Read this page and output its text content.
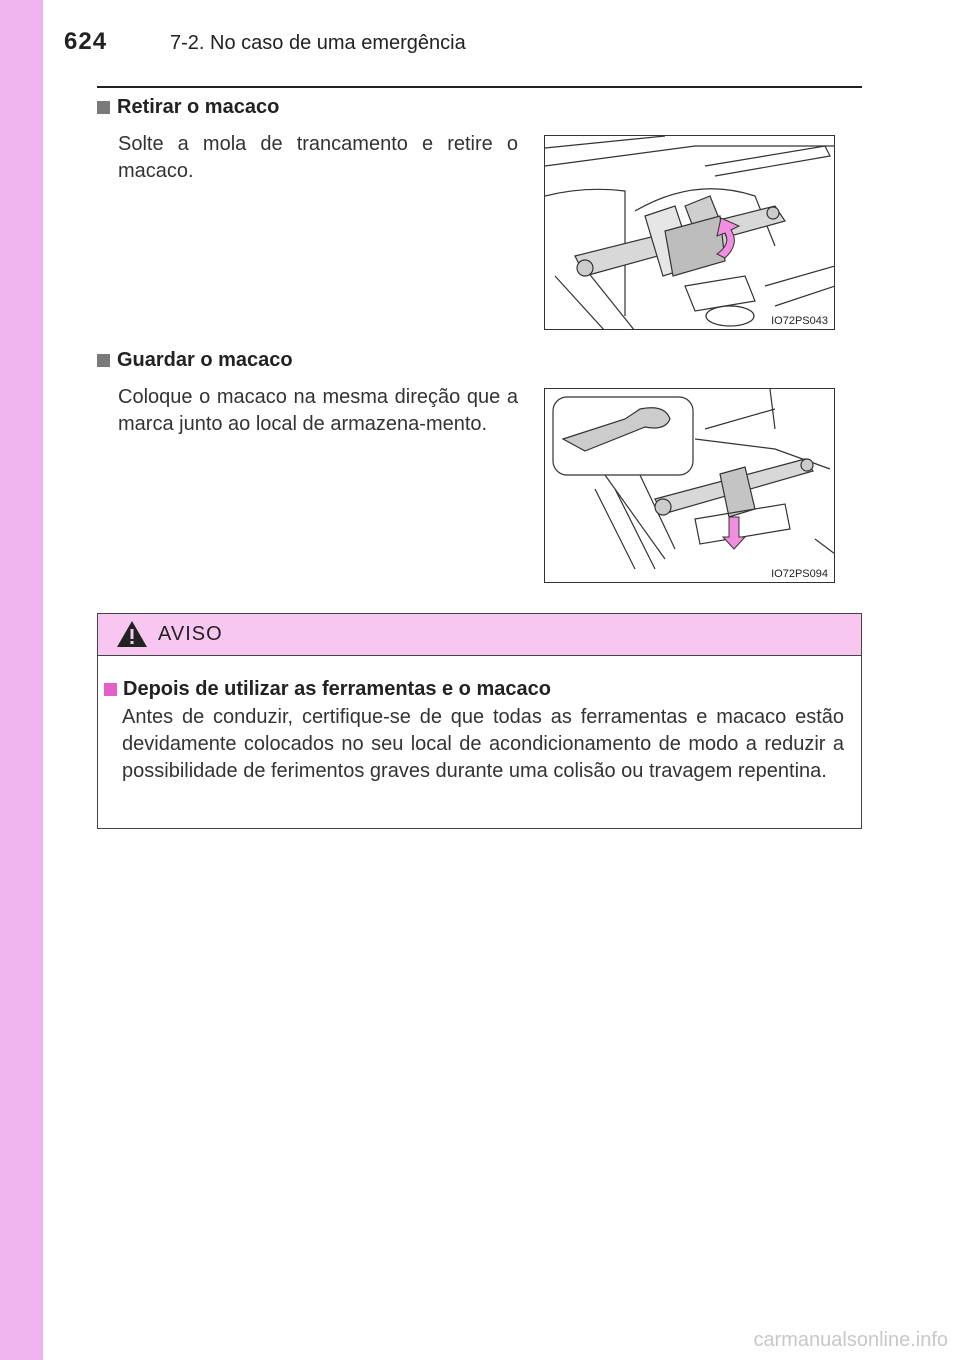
624	7-2. No caso de uma emergência
Retirar o macaco
Solte a mola de trancamento e retire o macaco.
IO72PS043
Guardar o macaco
Coloque o macaco na mesma direção que a marca junto ao local de armazena-mento.
IO72PS094
AVISO
Depois de utilizar as ferramentas e o macaco
Antes de conduzir, certifique-se de que todas as ferramentas e macaco estão devidamente colocados no seu local de acondicionamento de modo a reduzir a possibilidade de ferimentos graves durante uma colisão ou travagem repentina.
carmanualsonline.info
